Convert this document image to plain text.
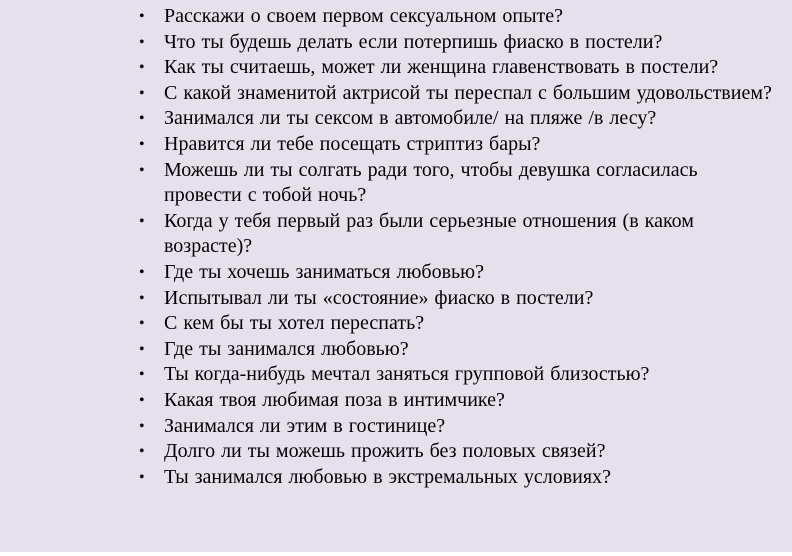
• Расскажи о своем первом сексуальном опыте?
• Что ты будешь делать если потерпишь фиаско в постели?
• Как ты считаешь, может ли женщина главенствовать в постели?
• С какой знаменитой актрисой ты переспал с большим удовольствием?
• Занимался ли ты сексом в автомобиле/ на пляже /в лесу?
• Нравится ли тебе посещать стриптиз бары?
• Можешь ли ты солгать ради того, чтобы девушка согласилась провести с тобой ночь?
• Когда у тебя первый раз были серьезные отношения (в каком возрасте)?
• Где ты хочешь заниматься любовью?
• Испытывал ли ты «состояние» фиаско в постели?
• С кем бы ты хотел переспать?
• Где ты занимался любовью?
• Ты когда-нибудь мечтал заняться групповой близостью?
• Какая твоя любимая поза в интимчике?
• Занимался ли этим в гостинице?
• Долго ли ты можешь прожить без половых связей?
• Ты занимался любовью в экстремальных условиях?
